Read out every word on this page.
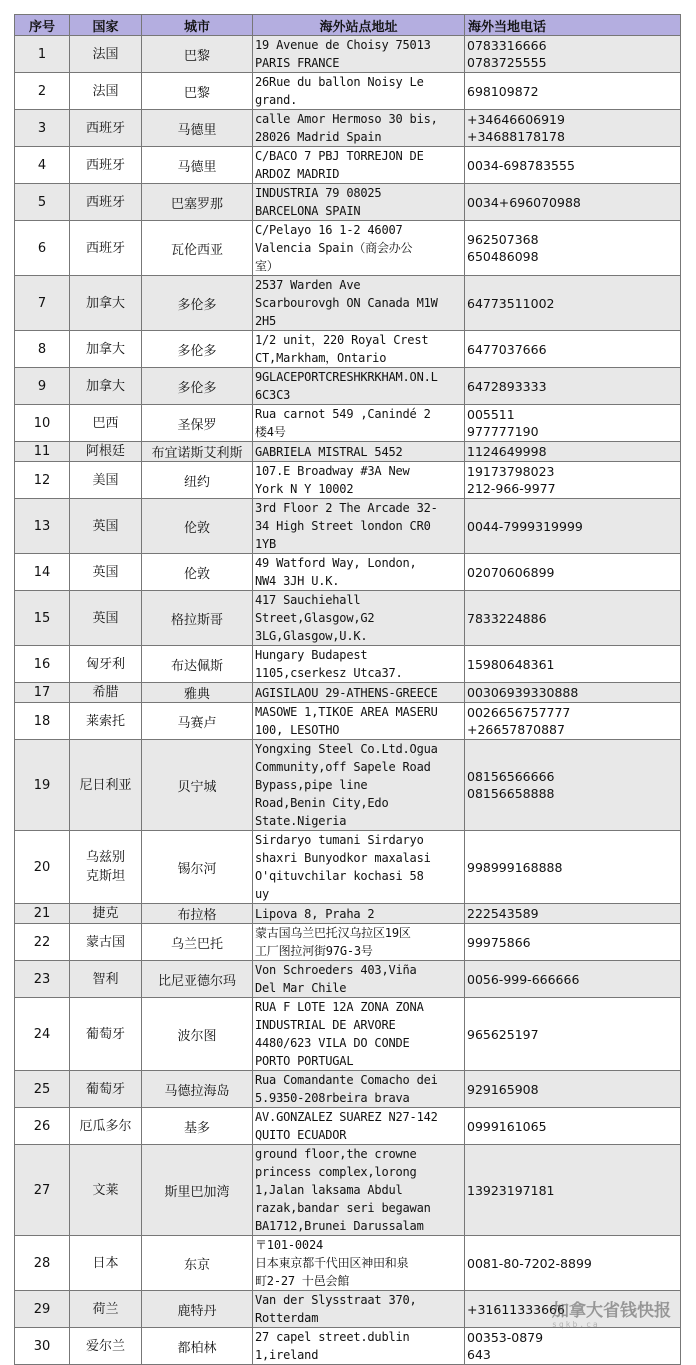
序号	国家	城市	海外站点地址	海外当地电话
1	法国	巴黎	19 Avenue de Choisy 75013
PARIS FRANCE	0783316666
0783725555
2	法国	巴黎	26Rue du ballon Noisy Le
grand.	698109872
3	西班牙	马德里	calle Amor Hermoso 30 bis,
28026 Madrid Spain	+34646606919
+34688178178
4	西班牙	马德里	C/BACO 7 PBJ TORREJON DE
ARDOZ MADRID	0034-698783555
5	西班牙	巴塞罗那	INDUSTRIA 79 08025
BARCELONA SPAIN	0034+696070988
6	西班牙	瓦伦西亚	C/Pelayo 16 1-2 46007
Valencia Spain（商会办公
室）	962507368
650486098
7	加拿大	多伦多	2537 Warden Ave
Scarbourovgh ON Canada M1W
2H5	64773511002
8	加拿大	多伦多	1/2 unit，220 Royal Crest
CT,Markham，Ontario	6477037666
9	加拿大	多伦多	9GLACEPORTCRESHKRKHAM.ON.L
6C3C3	6472893333
10	巴西	圣保罗	Rua carnot 549 ,Canindé 2
楼4号	005511
977777190
11	阿根廷	布宜诺斯艾利斯	GABRIELA MISTRAL 5452	1124649998
12	美国	纽约	107.E Broadway #3A New
York N Y 10002	19173798023
212-966-9977
13	英国	伦敦	3rd Floor 2 The Arcade 32-
34 High Street london CR0
1YB	0044-7999319999
14	英国	伦敦	49 Watford Way, London,
NW4 3JH U.K.	02070606899
15	英国	格拉斯哥	417 Sauchiehall
Street,Glasgow,G2
3LG,Glasgow,U.K.	7833224886
16	匈牙利	布达佩斯	Hungary Budapest
1105,cserkesz Utca37.	15980648361
17	希腊	雅典	AGISILAOU 29-ATHENS-GREECE	00306939330888
18	莱索托	马赛卢	MASOWE 1,TIKOE AREA MASERU
100, LESOTHO	0026656757777
+26657870887
19	尼日利亚	贝宁城	Yongxing Steel Co.Ltd.Ogua
Community,off Sapele Road
Bypass,pipe line
Road,Benin City,Edo
State.Nigeria	08156566666
08156658888
20	乌兹别
克斯坦	锡尔河	Sirdaryo tumani Sirdaryo
shaxri Bunyodkor maxalasi
O'qituvchilar kochasi 58
uy	998999168888
21	捷克	布拉格	Lipova 8, Praha 2	222543589
22	蒙古国	乌兰巴托	蒙古国乌兰巴托汉乌拉区19区
工厂图拉河街97G-3号	99975866
23	智利	比尼亚德尔玛	Von Schroeders 403,Viña
Del Mar Chile	0056-999-666666
24	葡萄牙	波尔图	RUA F LOTE 12A ZONA ZONA
INDUSTRIAL DE ARVORE
4480/623 VILA DO CONDE
PORTO PORTUGAL	965625197
25	葡萄牙	马德拉海岛	Rua Comandante Comacho dei
5.9350-208rbeira brava	929165908
26	厄瓜多尔	基多	AV.GONZALEZ SUAREZ N27-142
QUITO ECUADOR	0999161065
27	文莱	斯里巴加湾	ground floor,the crowne
princess complex,lorong
1,Jalan laksama Abdul
razak,bandar seri begawan
BA1712,Brunei Darussalam	13923197181
28	日本	东京	〒101-0024
日本東京都千代田区神田和泉
町2-27 十邑会館	0081-80-7202-8899
29	荷兰	鹿特丹	Van der Slysstraat 370,
Rotterdam	+31611333666
30	爱尔兰	都柏林	27 capel street.dublin
1,ireland	00353-0879
643
加拿大省钱快报
sqkb.ca
